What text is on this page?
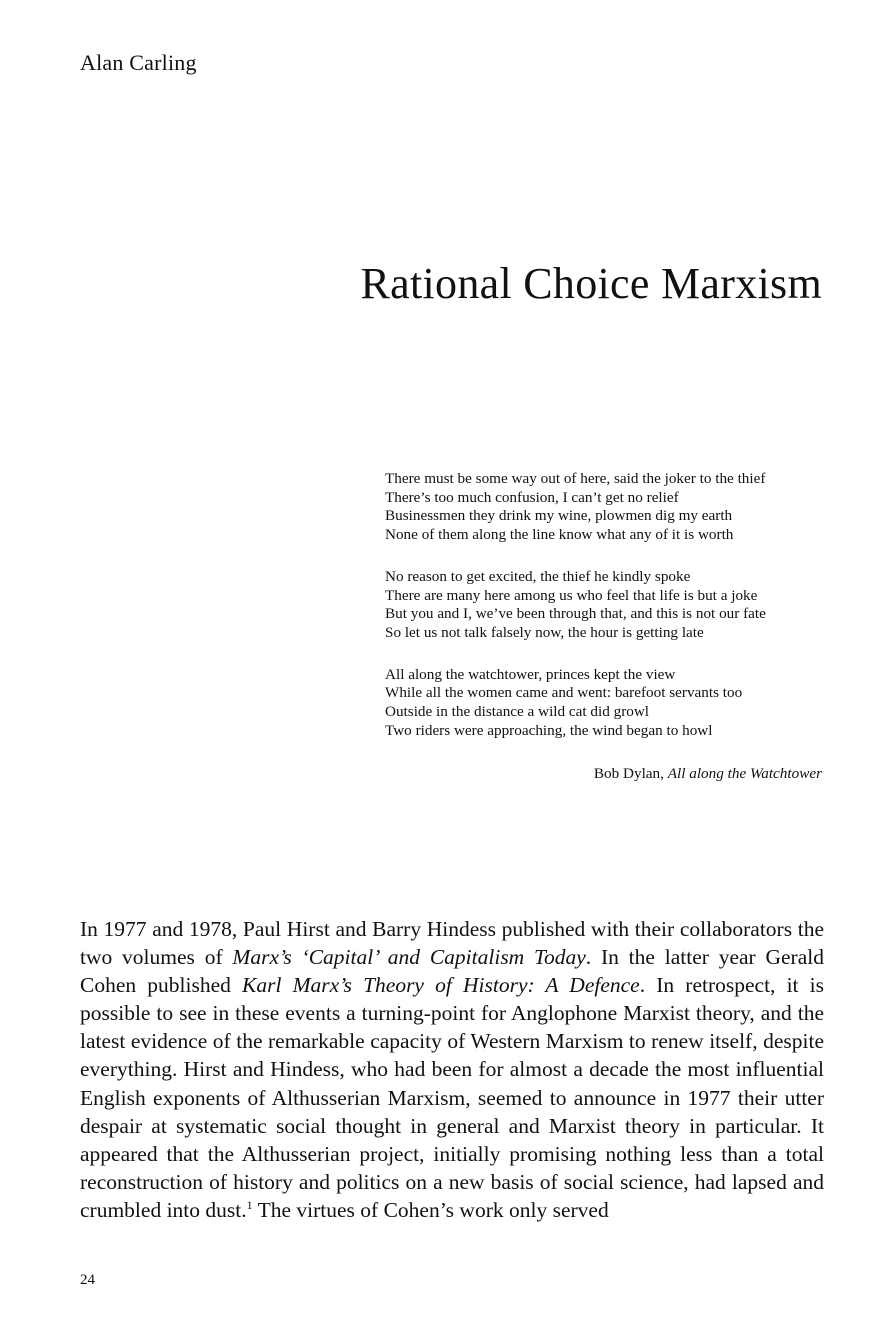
Alan Carling
Rational Choice Marxism
There must be some way out of here, said the joker to the thief
There’s too much confusion, I can’t get no relief
Businessmen they drink my wine, plowmen dig my earth
None of them along the line know what any of it is worth
No reason to get excited, the thief he kindly spoke
There are many here among us who feel that life is but a joke
But you and I, we’ve been through that, and this is not our fate
So let us not talk falsely now, the hour is getting late
All along the watchtower, princes kept the view
While all the women came and went: barefoot servants too
Outside in the distance a wild cat did growl
Two riders were approaching, the wind began to howl
Bob Dylan, All along the Watchtower

In 1977 and 1978, Paul Hirst and Barry Hindess published with their collaborators the two volumes of Marx’s ‘Capital’ and Capitalism Today. In the latter year Gerald Cohen published Karl Marx’s Theory of History: A Defence. In retrospect, it is possible to see in these events a turning-point for Anglophone Marxist theory, and the latest evidence of the remarkable capacity of Western Marxism to renew itself, despite everything. Hirst and Hindess, who had been for almost a decade the most influential English exponents of Althusserian Marxism, seemed to announce in 1977 their utter despair at systematic social thought in general and Marxist theory in particular. It appeared that the Althusserian project, initially promising nothing less than a total reconstruction of history and politics on a new basis of social science, had lapsed and crumbled into dust.$^1$ The virtues of Cohen’s work only served

24
